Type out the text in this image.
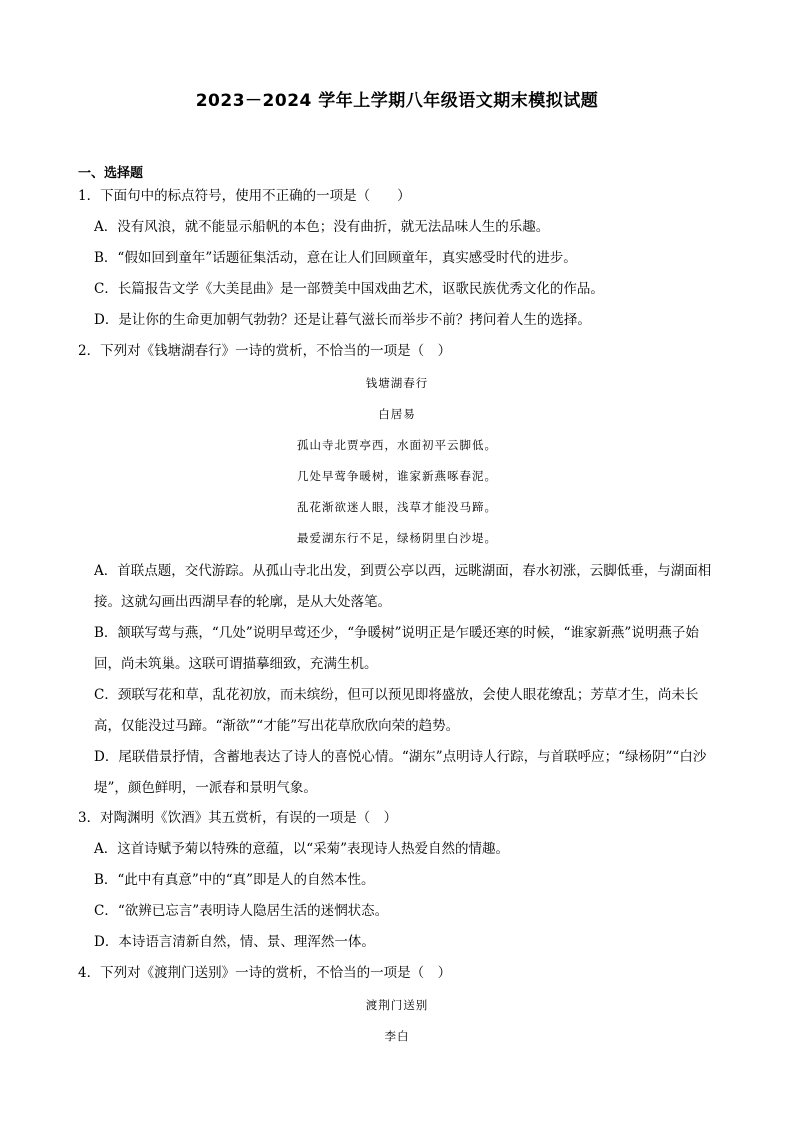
2023－2024 学年上学期八年级语文期末模拟试题
一、选择题
1．下面句中的标点符号，使用不正确的一项是（　　）
A．没有风浪，就不能显示船帆的本色；没有曲折，就无法品味人生的乐趣。
B．“假如回到童年”话题征集活动，意在让人们回顾童年，真实感受时代的进步。
C．长篇报告文学《大美昆曲》是一部赞美中国戏曲艺术，讴歌民族优秀文化的作品。
D．是让你的生命更加朝气勃勃？还是让暮气滋长而举步不前？拷问着人生的选择。
2．下列对《钱塘湖春行》一诗的赏析，不恰当的一项是（　）
钱塘湖春行
白居易
孤山寺北贾亭西，水面初平云脚低。
几处早莺争暖树，谁家新燕啄春泥。
乱花渐欲迷人眼，浅草才能没马蹄。
最爱湖东行不足，绿杨阴里白沙堤。
A．首联点题，交代游踪。从孤山寺北出发，到贾公亭以西，远眺湖面，春水初涨，云脚低垂，与湖面相接。这就勾画出西湖早春的轮廓，是从大处落笔。
B．颔联写莺与燕，“几处”说明早莺还少，“争暖树”说明正是乍暖还寒的时候，“谁家新燕”说明燕子始回，尚未筑巢。这联可谓描摹细致，充满生机。
C．颈联写花和草，乱花初放，而未缤纷，但可以预见即将盛放，会使人眼花缭乱；芳草才生，尚未长高，仅能没过马蹄。“渐欲”“才能”写出花草欣欣向荣的趋势。
D．尾联借景抒情，含蓄地表达了诗人的喜悦心情。“湖东”点明诗人行踪，与首联呼应；“绿杨阴”“白沙堤”，颜色鲜明，一派春和景明气象。
3．对陶渊明《饮酒》其五赏析，有误的一项是（　）
A．这首诗赋予菊以特殊的意蕴，以“采菊”表现诗人热爱自然的情趣。
B．“此中有真意”中的“真”即是人的自然本性。
C．“欲辨已忘言”表明诗人隐居生活的迷惘状态。
D．本诗语言清新自然，情、景、理浑然一体。
4．下列对《渡荆门送别》一诗的赏析，不恰当的一项是（　）
渡荆门送别
李白
